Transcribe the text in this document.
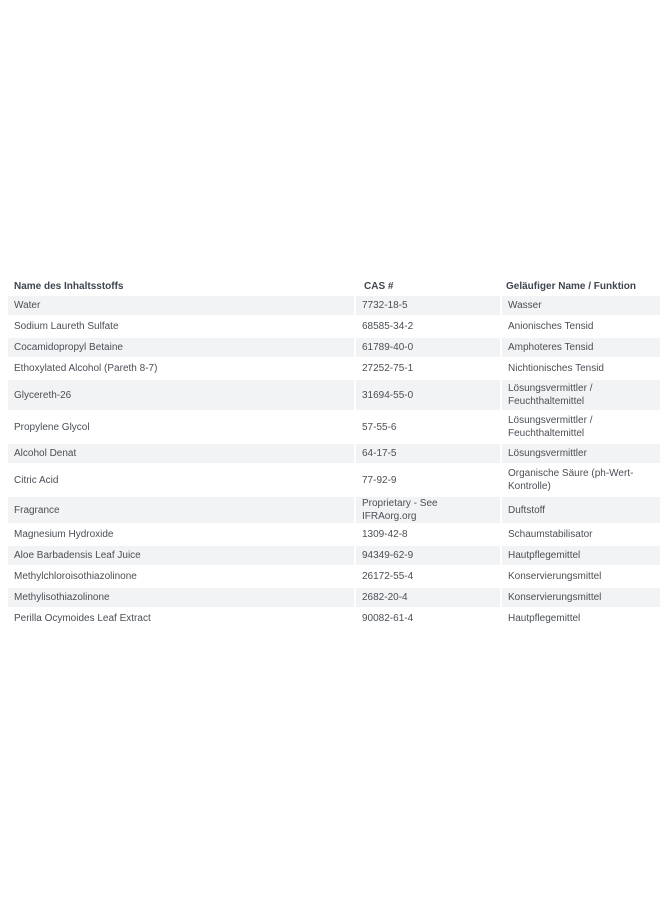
Name des Inhaltsstoffs	CAS #	Geläufiger Name / Funktion
Water	7732-18-5	Wasser
Sodium Laureth Sulfate	68585-34-2	Anionisches Tensid
Cocamidopropyl Betaine	61789-40-0	Amphoteres Tensid
Ethoxylated Alcohol (Pareth 8-7)	27252-75-1	Nichtionisches Tensid
Glycereth-26	31694-55-0	Lösungsvermittler / Feuchthaltemittel
Propylene Glycol	57-55-6	Lösungsvermittler / Feuchthaltemittel
Alcohol Denat	64-17-5	Lösungsvermittler
Citric Acid	77-92-9	Organische Säure (ph-Wert-Kontrolle)
Fragrance	Proprietary - See IFRAorg.org	Duftstoff
Magnesium Hydroxide	1309-42-8	Schaumstabilisator
Aloe Barbadensis Leaf Juice	94349-62-9	Hautpflegemittel
Methylchloroisothiazolinone	26172-55-4	Konservierungsmittel
Methylisothiazolinone	2682-20-4	Konservierungsmittel
Perilla Ocymoides Leaf Extract	90082-61-4	Hautpflegemittel
